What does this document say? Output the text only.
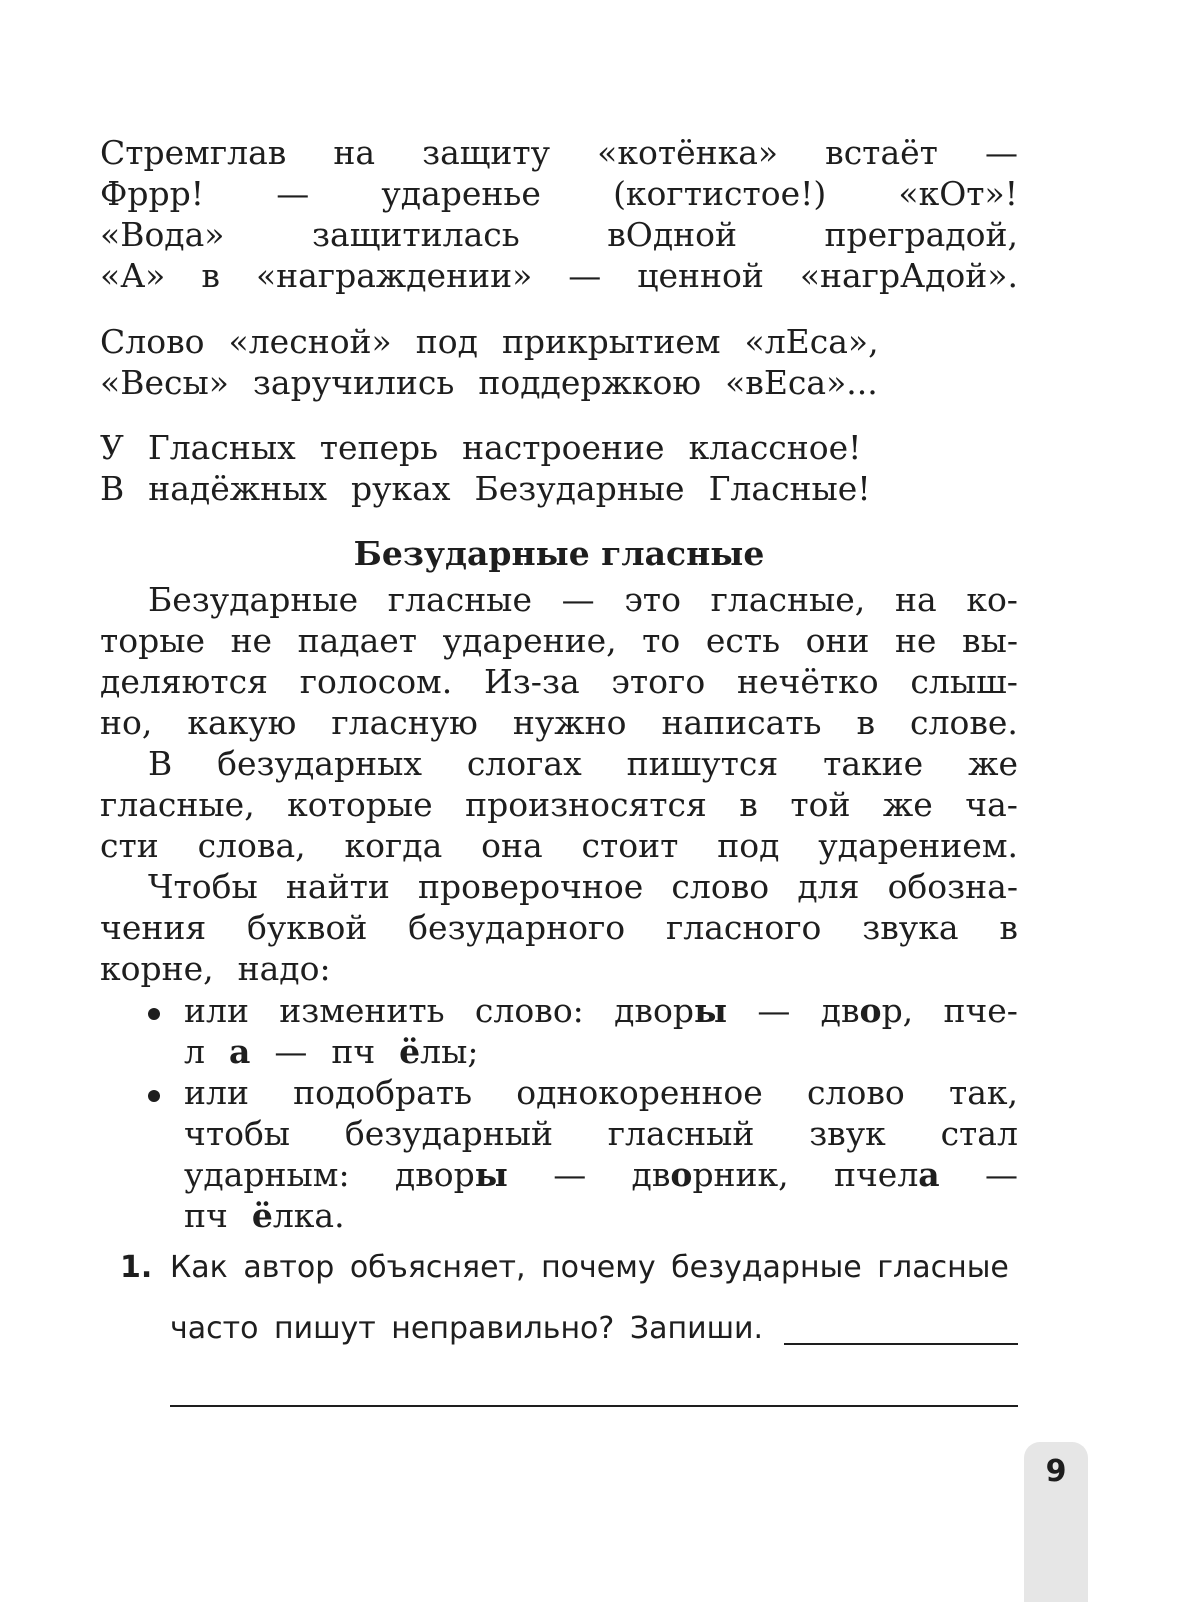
Стремглав на защиту «котёнка» встаёт —
Фррр! — ударенье (когтистое!) «кОт»!
«Вода»	защитилась	вОдной	преградой,
«А» в «награждении» — ценной «нагрАдой».
Слово «лесной» под прикрытием «лЕса»,
«Весы» заручились поддержкою «вЕса»...
У Гласных теперь настроение классное!
В надёжных руках Безударные Гласные!
Безударные гласные
Безударные гласные — это гласные, на ко-
торые не падает ударение, то есть они не вы-
деляются голосом. Из-за этого нечётко слыш-
но, какую гласную нужно написать в слове.
В безударных слогах пишутся такие же
гласные, которые произносятся в той же ча-
сти слова, когда она стоит под ударением.
Чтобы найти проверочное слово для обозна-
чения буквой безударного гласного звука в
корне, надо:
или изменить слово: дворы — двор, пче-
л а — пч ёлы;
или подобрать однокоренное слово так,
чтобы безударный гласный звук стал
ударным: дворы — дворник, пчела —
пч ёлка.
1. Как автор объясняет, почему безударные гласные
часто пишут неправильно? Запиши.
9
